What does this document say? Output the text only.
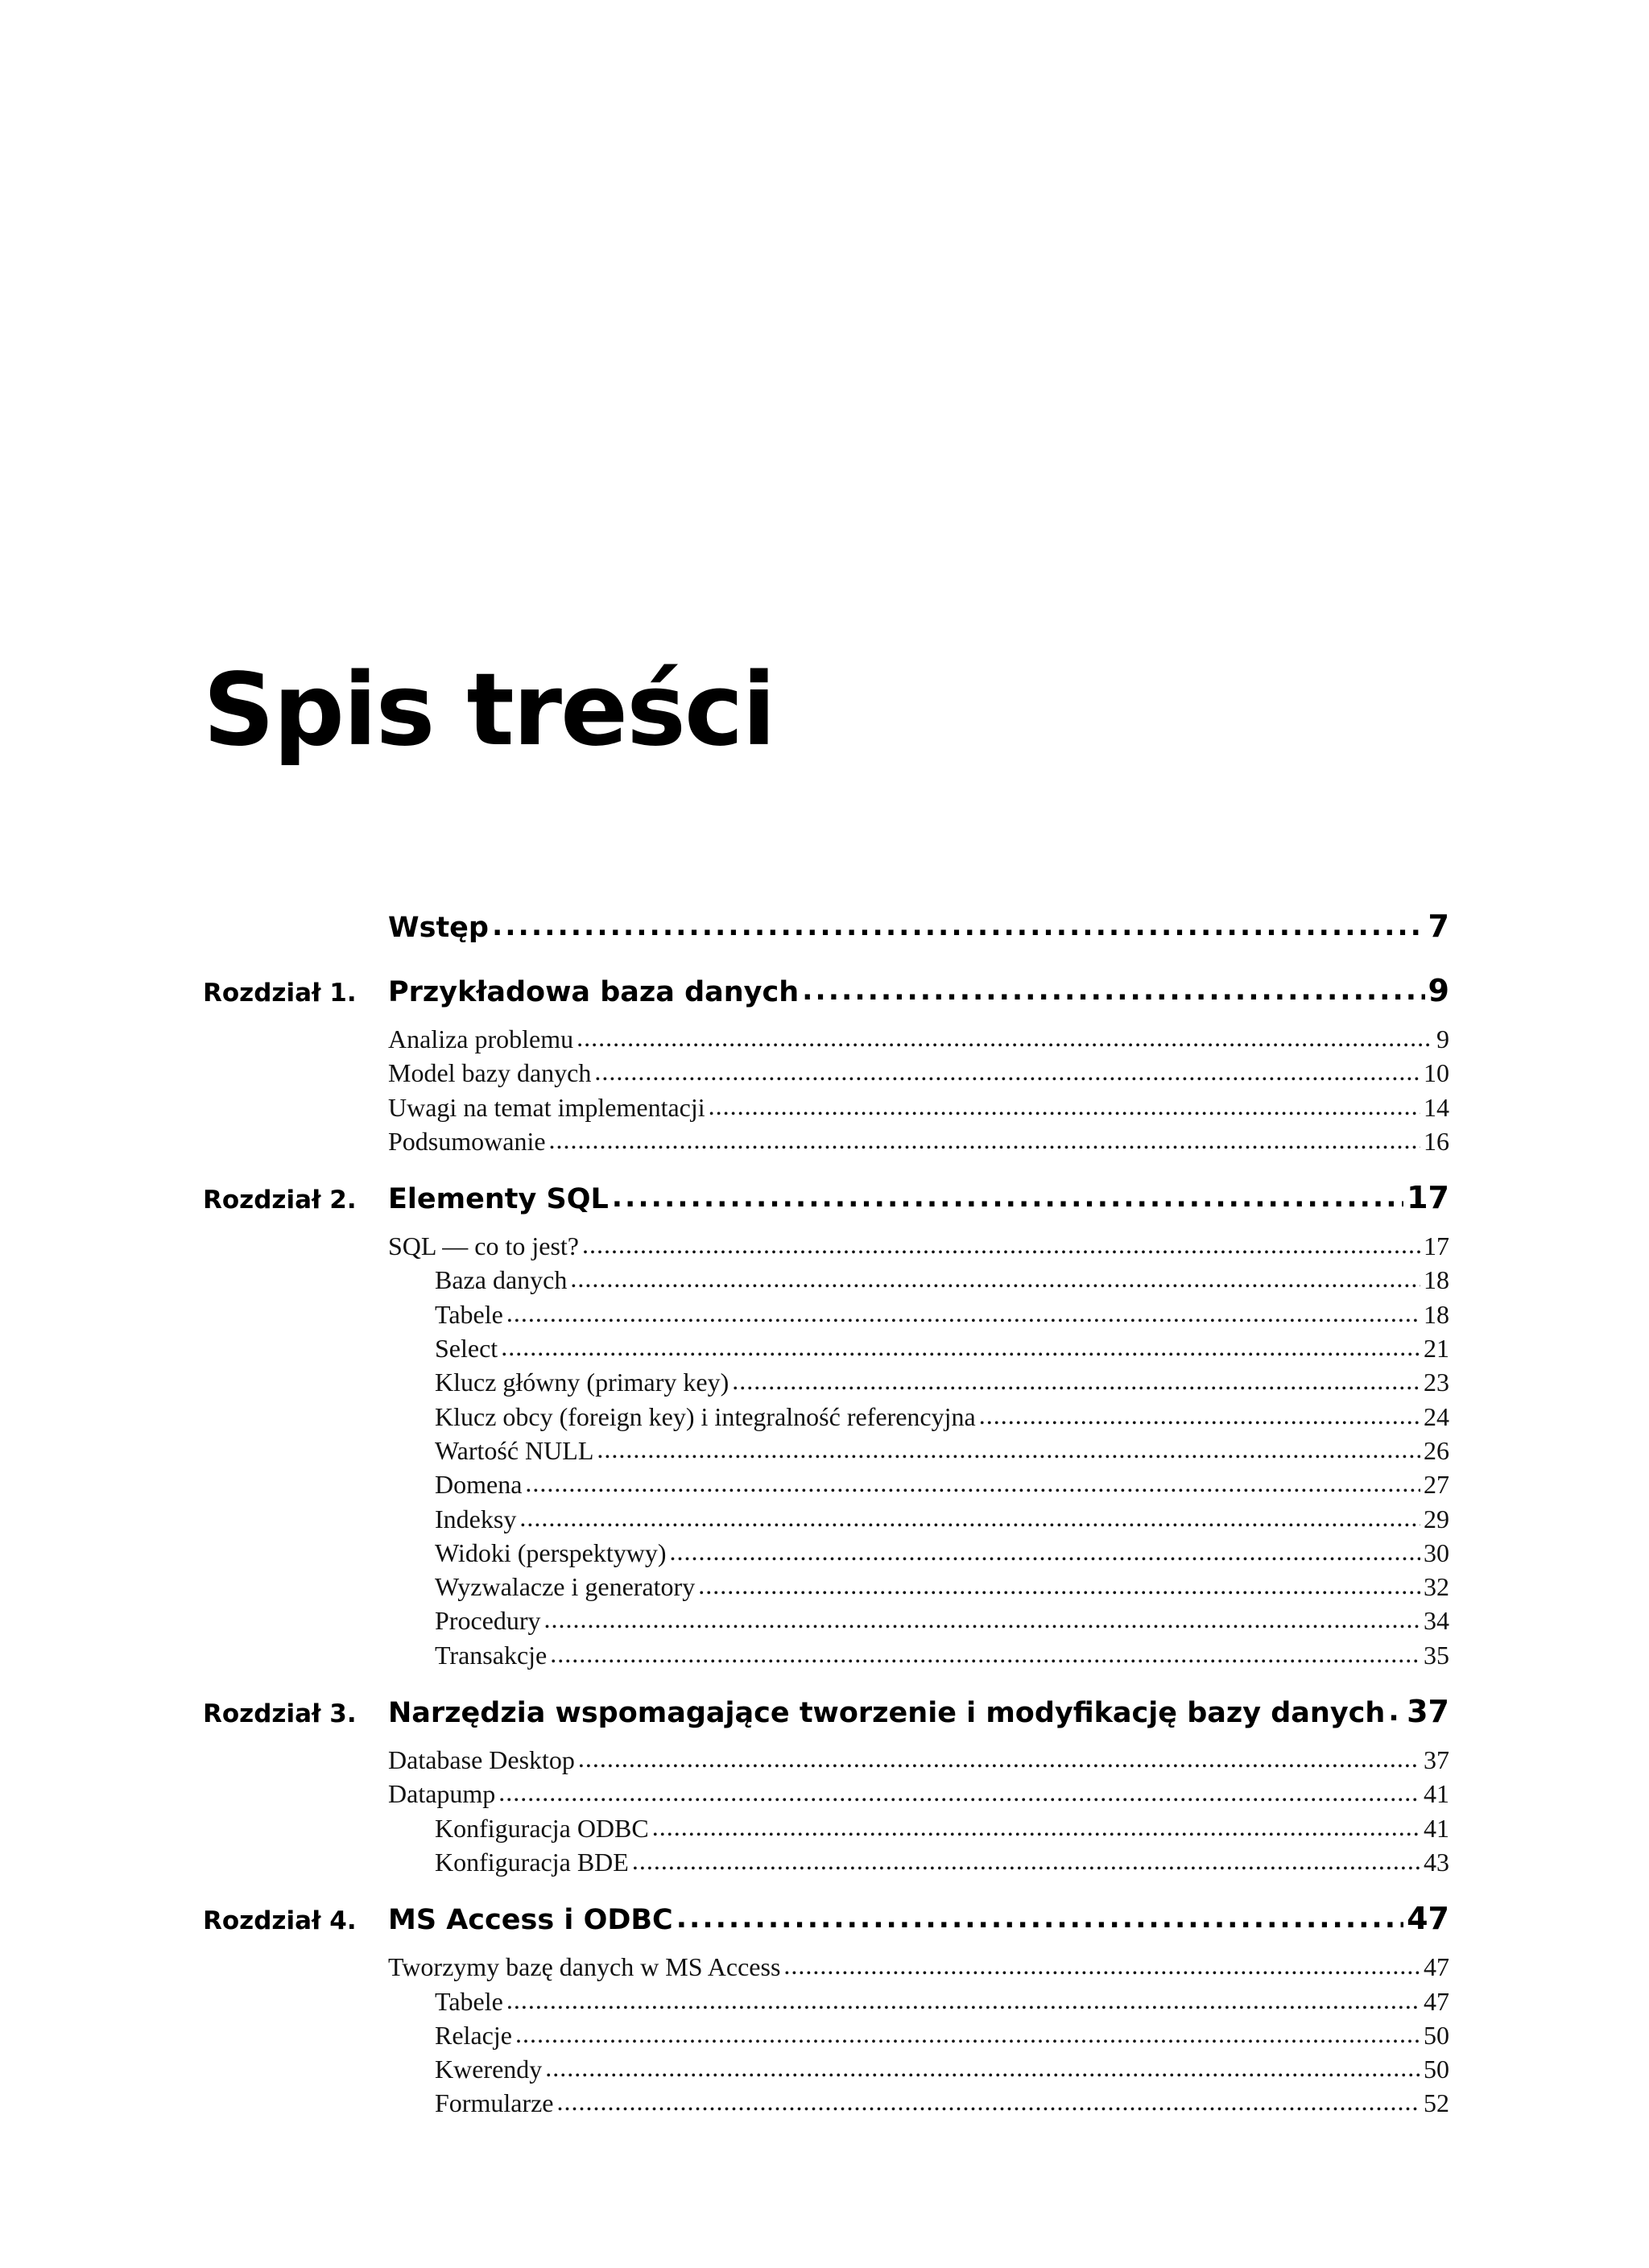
Spis treści
Wstęp .....	7
Rozdział 1.	Przykładowa baza danych .....	9
Analiza problemu .....	9
Model bazy danych .....	10
Uwagi na temat implementacji .....	14
Podsumowanie .....	16
Rozdział 2.	Elementy SQL .....	17
SQL — co to jest? .....	17
Baza danych .....	18
Tabele .....	18
Select .....	21
Klucz główny (primary key) .....	23
Klucz obcy (foreign key) i integralność referencyjna .....	24
Wartość NULL .....	26
Domena .....	27
Indeksy .....	29
Widoki (perspektywy) .....	30
Wyzwalacze i generatory .....	32
Procedury .....	34
Transakcje .....	35
Rozdział 3.	Narzędzia wspomagające tworzenie i modyfikację bazy danych ..... 37
Database Desktop .....	37
Datapump .....	41
Konfiguracja ODBC .....	41
Konfiguracja BDE .....	43
Rozdział 4.	MS Access i ODBC .....	47
Tworzymy bazę danych w MS Access .....	47
Tabele .....	47
Relacje .....	50
Kwerendy .....	50
Formularze .....	52
